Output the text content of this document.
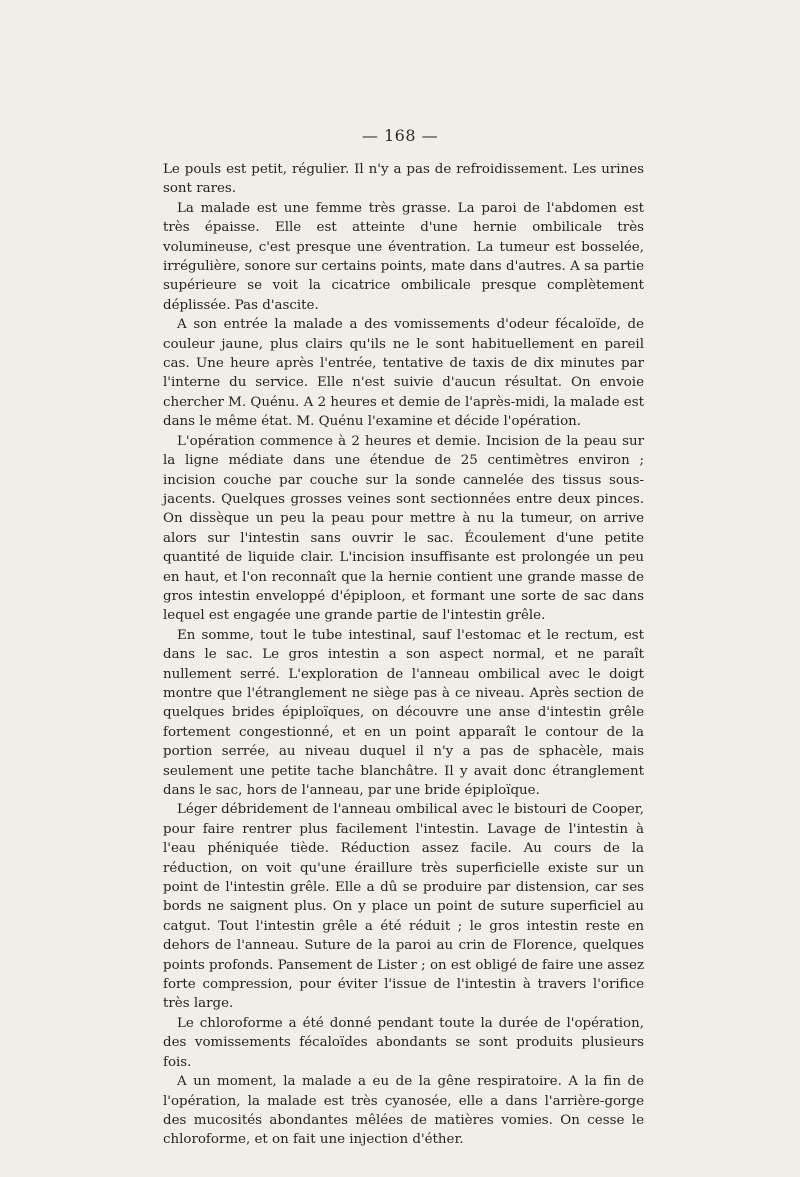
— 168 —

Le pouls est petit, régulier. Il n'y a pas de refroidissement. Les urines sont rares.

La malade est une femme très grasse. La paroi de l'abdomen est très épaisse. Elle est atteinte d'une hernie ombilicale très volumineuse, c'est presque une éventration. La tumeur est bosselée, irrégulière, sonore sur certains points, mate dans d'autres. A sa partie supérieure se voit la cicatrice ombilicale presque complètement déplissée. Pas d'ascite.

A son entrée la malade a des vomissements d'odeur fécaloïde, de couleur jaune, plus clairs qu'ils ne le sont habituellement en pareil cas. Une heure après l'entrée, tentative de taxis de dix minutes par l'interne du service. Elle n'est suivie d'aucun résultat. On envoie chercher M. Quénu. A 2 heures et demie de l'après-midi, la malade est dans le même état. M. Quénu l'examine et décide l'opération.

L'opération commence à 2 heures et demie. Incision de la peau sur la ligne médiate dans une étendue de 25 centimètres environ ; incision couche par couche sur la sonde cannelée des tissus sous-jacents. Quelques grosses veines sont sectionnées entre deux pinces. On dissèque un peu la peau pour mettre à nu la tumeur, on arrive alors sur l'intestin sans ouvrir le sac. Écoulement d'une petite quantité de liquide clair. L'incision insuffisante est prolongée un peu en haut, et l'on reconnaît que la hernie contient une grande masse de gros intestin enveloppé d'épiploon, et formant une sorte de sac dans lequel est engagée une grande partie de l'intestin grêle.

En somme, tout le tube intestinal, sauf l'estomac et le rectum, est dans le sac. Le gros intestin a son aspect normal, et ne paraît nullement serré. L'exploration de l'anneau ombilical avec le doigt montre que l'étranglement ne siège pas à ce niveau. Après section de quelques brides épiploïques, on découvre une anse d'intestin grêle fortement congestionné, et en un point apparaît le contour de la portion serrée, au niveau duquel il n'y a pas de sphacèle, mais seulement une petite tache blanchâtre. Il y avait donc étranglement dans le sac, hors de l'anneau, par une bride épiploïque.

Léger débridement de l'anneau ombilical avec le bistouri de Cooper, pour faire rentrer plus facilement l'intestin. Lavage de l'intestin à l'eau phéniquée tiède. Réduction assez facile. Au cours de la réduction, on voit qu'une éraillure très superficielle existe sur un point de l'intestin grêle. Elle a dû se produire par distension, car ses bords ne saignent plus. On y place un point de suture superficiel au catgut. Tout l'intestin grêle a été réduit ; le gros intestin reste en dehors de l'anneau. Suture de la paroi au crin de Florence, quelques points profonds. Pansement de Lister ; on est obligé de faire une assez forte compression, pour éviter l'issue de l'intestin à travers l'orifice très large.

Le chloroforme a été donné pendant toute la durée de l'opération, des vomissements fécaloïdes abondants se sont produits plusieurs fois.

A un moment, la malade a eu de la gêne respiratoire. A la fin de l'opération, la malade est très cyanosée, elle a dans l'arrière-gorge des mucosités abondantes mêlées de matières vomies. On cesse le chloroforme, et on fait une injection d'éther.
